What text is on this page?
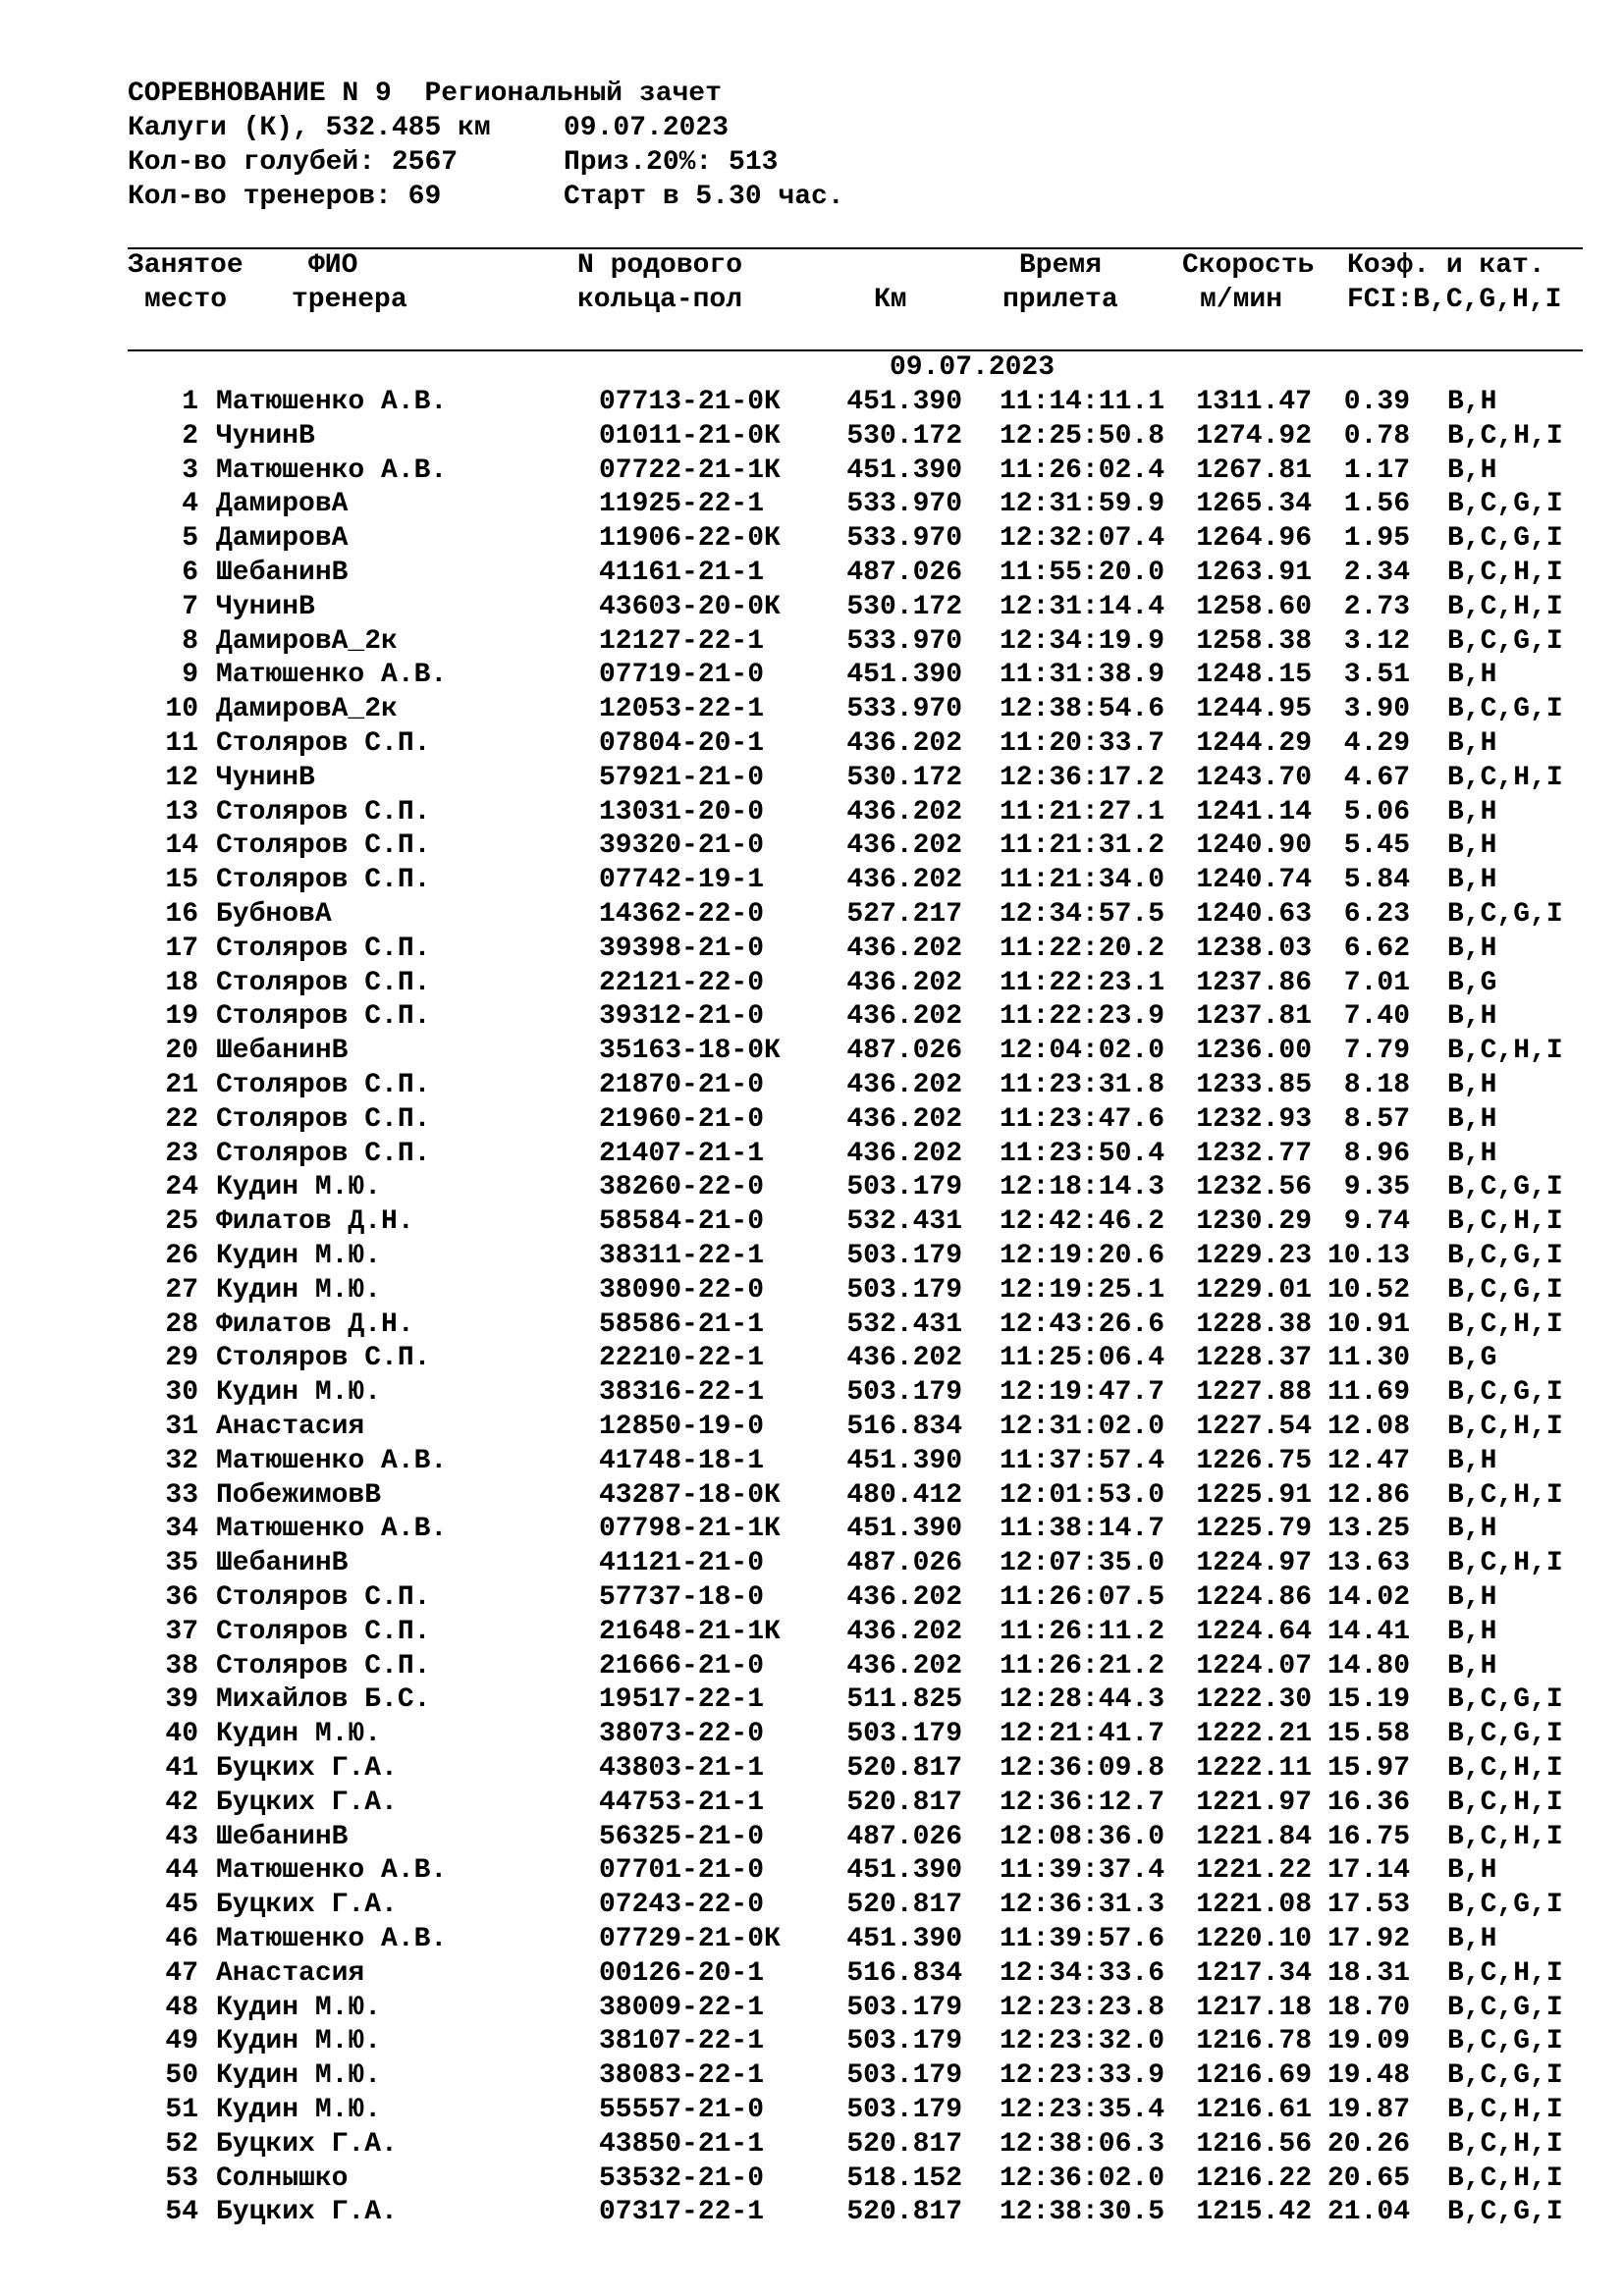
СОРЕВНОВАНИЕ N 9  Региональный зачет

Калуги (К), 532.485 км

	09.07.2023

Кол-во голубей: 2567

	Приз.20%: 513

Кол-во тренеров: 69

	Старт в 5.30 час.

Занятое ФИО	N родового	Время	Скорость Коэф. и кат.
место тренера	кольца-пол	Км	прилета	м/мин FCI:B,C,G,H,I
09.07.2023
1 Матюшенко А.В.	07713-21-0К	451.390	11:14:11.1	1311.47	0.39 B,H
2 ЧунинВ	01011-21-0К	530.172	12:25:50.8	1274.92	0.78 B,C,H,I
3 Матюшенко А.В.	07722-21-1К	451.390	11:26:02.4	1267.81	1.17 B,H
4 ДамировА	11925-22-1	533.970	12:31:59.9	1265.34	1.56 B,C,G,I
5 ДамировА	11906-22-0К	533.970	12:32:07.4	1264.96	1.95 B,C,G,I
6 ШебанинВ	41161-21-1	487.026	11:55:20.0	1263.91	2.34 B,C,H,I
7 ЧунинВ	43603-20-0К	530.172	12:31:14.4	1258.60	2.73 B,C,H,I
8 ДамировА_2к	12127-22-1	533.970	12:34:19.9	1258.38	3.12 B,C,G,I
9 Матюшенко А.В.	07719-21-0	451.390	11:31:38.9	1248.15	3.51 B,H
10 ДамировА_2к	12053-22-1	533.970	12:38:54.6	1244.95	3.90 B,C,G,I
11 Столяров С.П.	07804-20-1	436.202	11:20:33.7	1244.29	4.29 B,H
12 ЧунинВ	57921-21-0	530.172	12:36:17.2	1243.70	4.67 B,C,H,I
13 Столяров С.П.	13031-20-0	436.202	11:21:27.1	1241.14	5.06 B,H
14 Столяров С.П.	39320-21-0	436.202	11:21:31.2	1240.90	5.45 B,H
15 Столяров С.П.	07742-19-1	436.202	11:21:34.0	1240.74	5.84 B,H
16 БубновА	14362-22-0	527.217	12:34:57.5	1240.63	6.23 B,C,G,I
17 Столяров С.П.	39398-21-0	436.202	11:22:20.2	1238.03	6.62 B,H
18 Столяров С.П.	22121-22-0	436.202	11:22:23.1	1237.86	7.01 B,G
19 Столяров С.П.	39312-21-0	436.202	11:22:23.9	1237.81	7.40 B,H
20 ШебанинВ	35163-18-0К	487.026	12:04:02.0	1236.00	7.79 B,C,H,I
21 Столяров С.П.	21870-21-0	436.202	11:23:31.8	1233.85	8.18 B,H
22 Столяров С.П.	21960-21-0	436.202	11:23:47.6	1232.93	8.57 B,H
23 Столяров С.П.	21407-21-1	436.202	11:23:50.4	1232.77	8.96 B,H
24 Кудин М.Ю.	38260-22-0	503.179	12:18:14.3	1232.56	9.35 B,C,G,I
25 Филатов Д.Н.	58584-21-0	532.431	12:42:46.2	1230.29	9.74 B,C,H,I
26 Кудин М.Ю.	38311-22-1	503.179	12:19:20.6	1229.23 10.13 B,C,G,I
27 Кудин М.Ю.	38090-22-0	503.179	12:19:25.1	1229.01 10.52 B,C,G,I
28 Филатов Д.Н.	58586-21-1	532.431	12:43:26.6	1228.38 10.91 B,C,H,I
29 Столяров С.П.	22210-22-1	436.202	11:25:06.4	1228.37 11.30 B,G
30 Кудин М.Ю.	38316-22-1	503.179	12:19:47.7	1227.88 11.69 B,C,G,I
31 Анастасия	12850-19-0	516.834	12:31:02.0	1227.54 12.08 B,C,H,I
32 Матюшенко А.В.	41748-18-1	451.390	11:37:57.4	1226.75 12.47 B,H
33 ПобежимовВ	43287-18-0К	480.412	12:01:53.0	1225.91 12.86 B,C,H,I
34 Матюшенко А.В.	07798-21-1К	451.390	11:38:14.7	1225.79 13.25 B,H
35 ШебанинВ	41121-21-0	487.026	12:07:35.0	1224.97 13.63 B,C,H,I
36 Столяров С.П.	57737-18-0	436.202	11:26:07.5	1224.86 14.02 B,H
37 Столяров С.П.	21648-21-1К	436.202	11:26:11.2	1224.64 14.41 B,H
38 Столяров С.П.	21666-21-0	436.202	11:26:21.2	1224.07 14.80 B,H
39 Михайлов Б.С.	19517-22-1	511.825	12:28:44.3	1222.30 15.19 B,C,G,I
40 Кудин М.Ю.	38073-22-0	503.179	12:21:41.7	1222.21 15.58 B,C,G,I
41 Буцких Г.А.	43803-21-1	520.817	12:36:09.8	1222.11 15.97 B,C,H,I
42 Буцких Г.А.	44753-21-1	520.817	12:36:12.7	1221.97 16.36 B,C,H,I
43 ШебанинВ	56325-21-0	487.026	12:08:36.0	1221.84 16.75 B,C,H,I
44 Матюшенко А.В.	07701-21-0	451.390	11:39:37.4	1221.22 17.14 B,H
45 Буцких Г.А.	07243-22-0	520.817	12:36:31.3	1221.08 17.53 B,C,G,I
46 Матюшенко А.В.	07729-21-0К	451.390	11:39:57.6	1220.10 17.92 B,H
47 Анастасия	00126-20-1	516.834	12:34:33.6	1217.34 18.31 B,C,H,I
48 Кудин М.Ю.	38009-22-1	503.179	12:23:23.8	1217.18 18.70 B,C,G,I
49 Кудин М.Ю.	38107-22-1	503.179	12:23:32.0	1216.78 19.09 B,C,G,I
50 Кудин М.Ю.	38083-22-1	503.179	12:23:33.9	1216.69 19.48 B,C,G,I
51 Кудин М.Ю.	55557-21-0	503.179	12:23:35.4	1216.61 19.87 B,C,H,I
52 Буцких Г.А.	43850-21-1	520.817	12:38:06.3	1216.56 20.26 B,C,H,I
53 Солнышко	53532-21-0	518.152	12:36:02.0	1216.22 20.65 B,C,H,I
54 Буцких Г.А.	07317-22-1	520.817	12:38:30.5	1215.42 21.04 B,C,G,I
